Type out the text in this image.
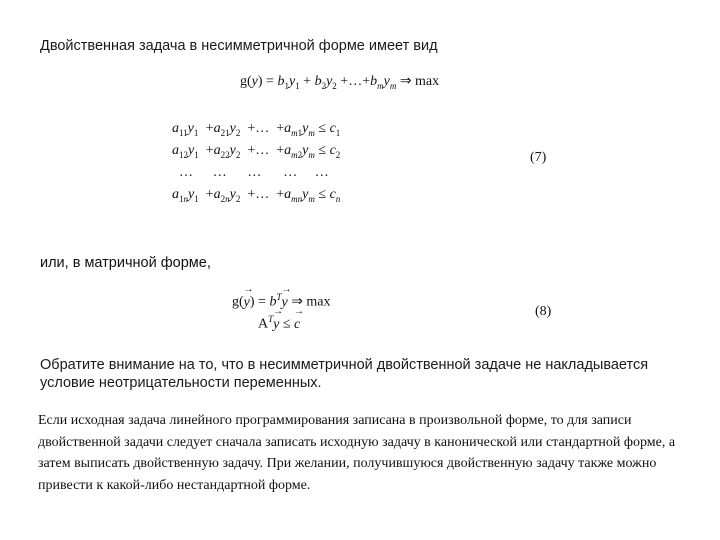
Двойственная задача в несимметричной форме имеет вид
$g(y) = b_1y_1 + b_2y_2$ $+\dots+b_my_m$ ⇒ max
$a_{11}y_1$	$+a_{21}y_2$	+…	$+a_{m1}y_m \le c_1$
$a_{12}y_1$	$+a_{22}y_2$	+…	$+a_{m2}y_m \le c_2$
…	…	…	…     …
$a_{1n}y_1$	$+a_{2n}y_2$	+…	$+a_{mn}y_m \le c_n$
(7)
или, в матричной форме,
$g(\to y) = b^T\to y$ ⇒ max
$A^T\to y$ ≤ → c
(8)
Обратите внимание на то, что в несимметричной двойственной задаче не накладывается условие неотрицательности переменных.
Если исходная задача линейного программирования записана в произвольной форме, то для записи двойственной задачи следует сначала записать исходную задачу в канонической или стандартной форме, а затем выписать двойственную задачу. При желании, получившуюся двойственную задачу также можно привести к какой-либо нестандартной форме.
